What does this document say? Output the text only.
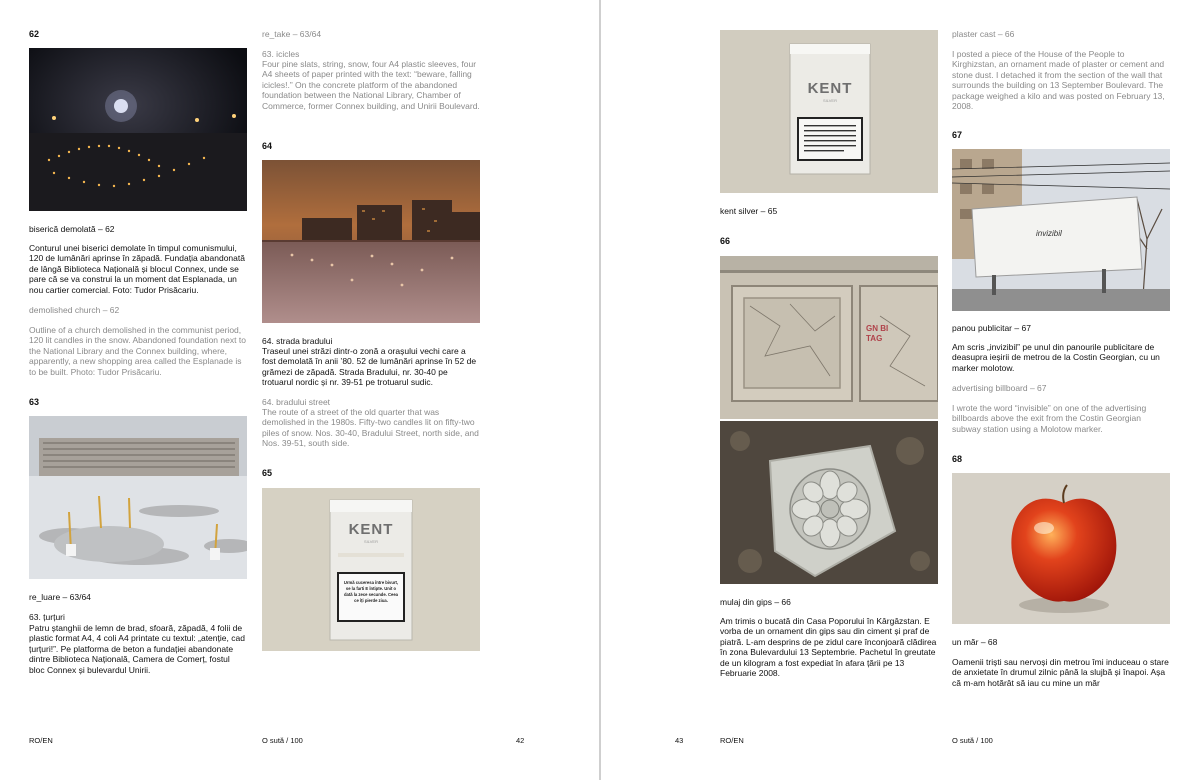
62
biserică demolată – 62
Conturul unei biserici demolate în timpul comunismului, 120 de lumânări aprinse în zăpadă. Fundația abandonată de lângă Biblioteca Națională și blocul Connex, unde se pare că se va construi la un moment dat Esplanada, un nou cartier comercial. Foto: Tudor Prisăcariu.
demolished church – 62
Outline of a church demolished in the communist period, 120 lit candles in the snow. Abandoned foundation next to the National Library and the Connex building, where, apparently, a new shopping area called the Esplanade is to be built. Photo: Tudor Prisăcariu.
63
re_luare – 63/64
63. țurțuri
Patru ștanghii de lemn de brad, sfoară, zăpadă, 4 folii de plastic format A4, 4 coli A4 printate cu textul: „atenție, cad țurțuri!”. Pe platforma de beton a fundației abandonate dintre Biblioteca Națională, Camera de Comerț, fostul bloc Connex și bulevardul Unirii.
re_take – 63/64
63. icicles
Four pine slats, string, snow, four A4 plastic sleeves, four A4 sheets of paper printed with the text: “beware, falling icicles!.” On the concrete platform of the abandoned foundation between the National Library, Chamber of Commerce, former Connex building, and Unirii Boulevard.
64
64. strada bradului
Traseul unei străzi dintr-o zonă a orașului vechi care a fost demolată în anii ’80. 52 de lumânări aprinse în 52 de grămezi de zăpadă. Strada Bradului, nr. 30-40 pe trotuarul nordic și nr. 39-51 pe trotuarul sudic.
64. bradului street
The route of a street of the old quarter that was demolished in the 1980s. Fifty-two candles lit on fifty-two piles of snow. Nos. 30-40, Bradului Street, north side, and Nos. 39-51, south side.
65
KENT
SILVER
Urmă cuceresa între bivurt, se la farti E întipte. Unit o dată la zece secunde. Ceea ce îți pierde ziua.
RO/EN	O sută / 100	42
KENT
SILVER
kent silver – 65
66
GN BI TAG
mulaj din gips – 66
Am trimis o bucată din Casa Poporului în Kârgâzstan. E vorba de un ornament din gips sau din ciment și praf de piatră. L-am desprins de pe zidul care înconjoară clădirea în zona Bulevardului 13 Septembrie. Pachetul în greutate de un kilogram a fost expediat în afara țării pe 13 Februarie 2008.
plaster cast – 66
I posted a piece of the House of the People to Kirghizstan, an ornament made of plaster or cement and stone dust. I detached it from the section of the wall that surrounds the building on 13 September Boulevard. The package weighed a kilo and was posted on February 13, 2008.
67
invizibil
panou publicitar – 67
Am scris „invizibil” pe unul din panourile publicitare de deasupra ieșirii de metrou de la Costin Georgian, cu un marker molotow.
advertising billboard – 67
I wrote the word “invisible” on one of the advertising billboards above the exit from the Costin Georgian subway station using a Molotow marker.
68
un măr – 68
Oamenii triști sau nervoși din metrou îmi induceau o stare de anxietate în drumul zilnic până la slujbă și înapoi. Așa că m-am hotărât să iau cu mine un măr
43	RO/EN	O sută / 100
